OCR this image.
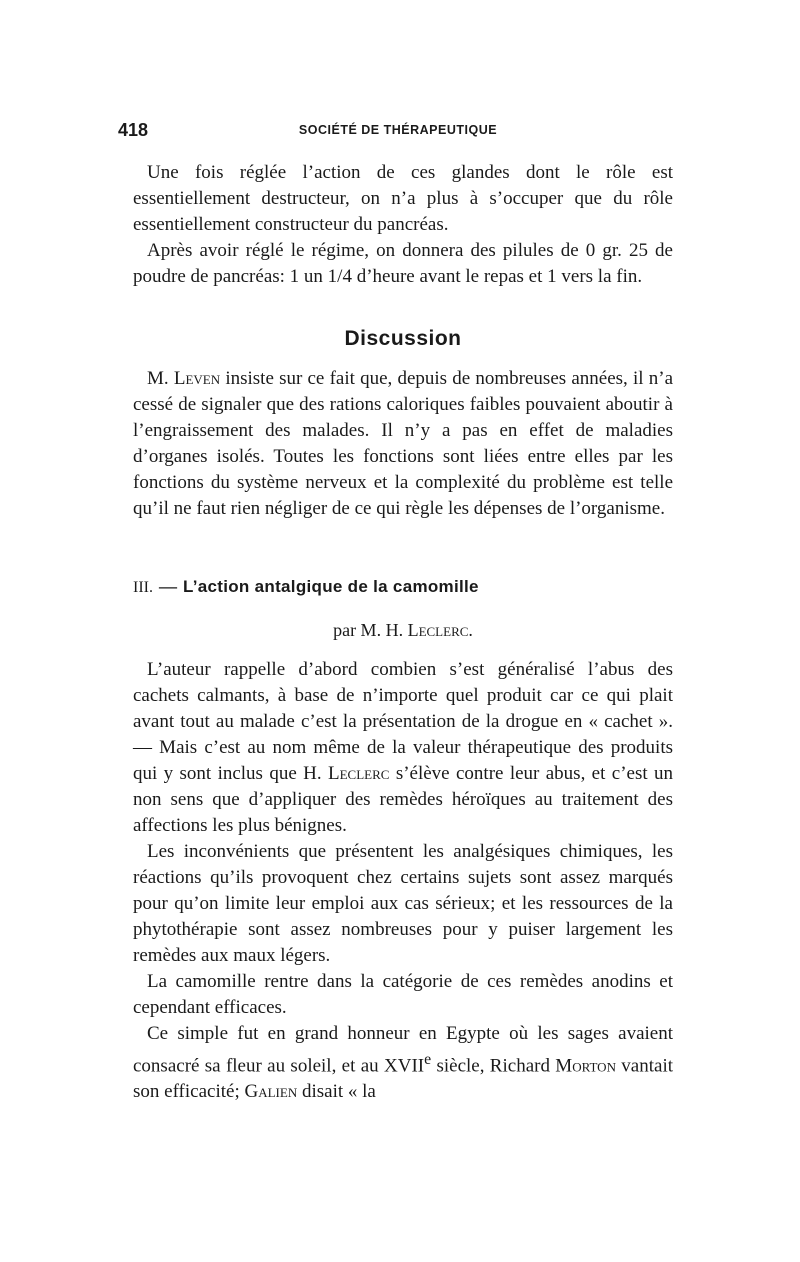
418	SOCIÉTÉ DE THÉRAPEUTIQUE

Une fois réglée l’action de ces glandes dont le rôle est essentiellement destructeur, on n’a plus à s’occuper que du rôle essentiellement constructeur du pancréas.

Après avoir réglé le régime, on donnera des pilules de 0 gr. 25 de poudre de pancréas: 1 un 1/4 d’heure avant le repas et 1 vers la fin.

Discussion

M. Leven insiste sur ce fait que, depuis de nombreuses années, il n’a cessé de signaler que des rations caloriques faibles pouvaient aboutir à l’engraissement des malades. Il n’y a pas en effet de maladies d’organes isolés. Toutes les fonctions sont liées entre elles par les fonctions du système nerveux et la complexité du problème est telle qu’il ne faut rien négliger de ce qui règle les dépenses de l’organisme.

III. — L’action antalgique de la camomille
par M. H. Leclerc.

L’auteur rappelle d’abord combien s’est généralisé l’abus des cachets calmants, à base de n’importe quel produit car ce qui plait avant tout au malade c’est la présentation de la drogue en « cachet ». — Mais c’est au nom même de la valeur thérapeutique des produits qui y sont inclus que H. Leclerc s’élève contre leur abus, et c’est un non sens que d’appliquer des remèdes héroïques au traitement des affections les plus bénignes.

Les inconvénients que présentent les analgésiques chimiques, les réactions qu’ils provoquent chez certains sujets sont assez marqués pour qu’on limite leur emploi aux cas sérieux; et les ressources de la phytothérapie sont assez nombreuses pour y puiser largement les remèdes aux maux légers.

La camomille rentre dans la catégorie de ces remèdes anodins et cependant efficaces.

Ce simple fut en grand honneur en Egypte où les sages avaient consacré sa fleur au soleil, et au XVIIe siècle, Richard Morton vantait son efficacité; Galien disait « la
